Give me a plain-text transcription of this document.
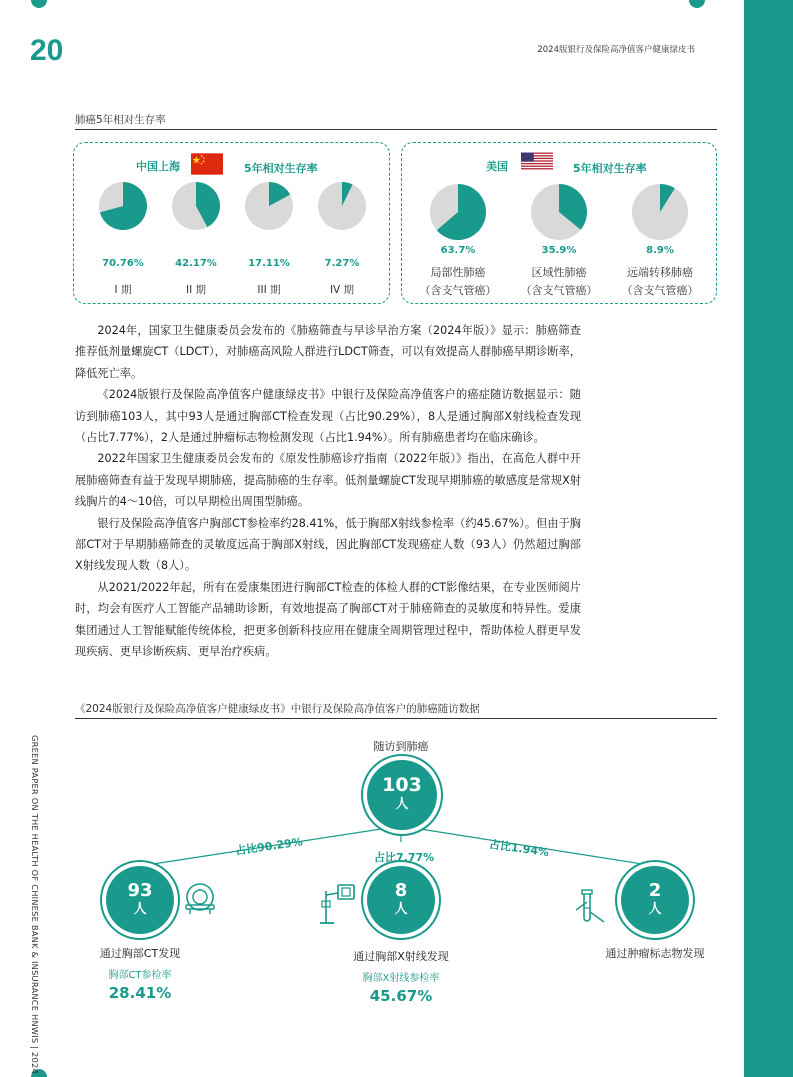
20	2024版银行及保险高净值客户健康绿皮书
肺癌5年相对生存率
中国上海	5年相对生存率	美国	5年相对生存率
70.76%	42.17%	17.11%	7.27%
I 期	II 期	III 期	IV 期
63.7%	35.9%	8.9%
局部性肺癌
（含支气管癌）
区域性肺癌
（含支气管癌）
远端转移肺癌
（含支气管癌）

2024年，国家卫生健康委员会发布的《肺癌筛查与早诊早治方案（2024年版）》显示：肺癌筛查推荐低剂量螺旋CT（LDCT），对肺癌高风险人群进行LDCT筛查，可以有效提高人群肺癌早期诊断率，降低死亡率。

《2024版银行及保险高净值客户健康绿皮书》中银行及保险高净值客户的癌症随访数据显示：随访到肺癌103人，其中93人是通过胸部CT检查发现（占比90.29%），8人是通过胸部X射线检查发现（占比7.77%），2人是通过肿瘤标志物检测发现（占比1.94%）。所有肺癌患者均在临床确诊。

2022年国家卫生健康委员会发布的《原发性肺癌诊疗指南（2022年版）》指出，在高危人群中开展肺癌筛查有益于发现早期肺癌，提高肺癌的生存率。低剂量螺旋CT发现早期肺癌的敏感度是常规X射线胸片的4～10倍，可以早期检出周围型肺癌。

银行及保险高净值客户胸部CT参检率约28.41%，低于胸部X射线参检率（约45.67%）。但由于胸部CT对于早期肺癌筛查的灵敏度远高于胸部X射线，因此胸部CT发现癌症人数（93人）仍然超过胸部X射线发现人数（8人）。

从2021/2022年起，所有在爱康集团进行胸部CT检查的体检人群的CT影像结果，在专业医师阅片时，均会有医疗人工智能产品辅助诊断，有效地提高了胸部CT对于肺癌筛查的灵敏度和特异性。爱康集团通过人工智能赋能传统体检，把更多创新科技应用在健康全周期管理过程中，帮助体检人群更早发现疾病、更早诊断疾病、更早治疗疾病。

《2024版银行及保险高净值客户健康绿皮书》中银行及保险高净值客户的肺癌随访数据
GREEN PAPER ON THE HEALTH OF CHINESE BANK & INSURANCE HNWIS | 2024	随访到肺癌
103
人
占比90.29%	占比7.77%	占比1.94%
93
人
通过胸部CT发现
胸部CT参检率
28.41%
8
人
通过胸部X射线发现
胸部X射线参检率
45.67%
2
人
通过肿瘤标志物发现
